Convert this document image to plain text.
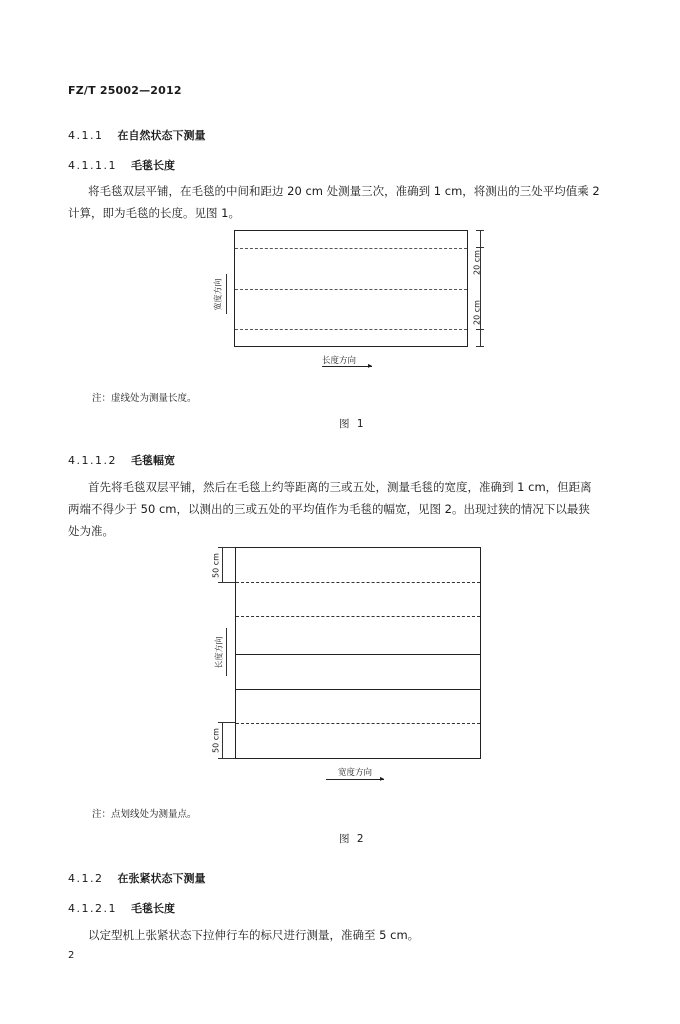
FZ/T 25002—2012
4.1.1 在自然状态下测量
4.1.1.1 毛毯长度
将毛毯双层平铺，在毛毯的中间和距边 20 cm 处测量三次，准确到 1 cm，将测出的三处平均值乘 2
计算，即为毛毯的长度。见图 1。
20 cm
20 cm
宽度方向
长度方向 ▸
注：虚线处为测量长度。
图 1
4.1.1.2 毛毯幅宽
首先将毛毯双层平铺，然后在毛毯上约等距离的三或五处，测量毛毯的宽度，准确到 1 cm，但距离
两端不得少于 50 cm，以测出的三或五处的平均值作为毛毯的幅宽，见图 2。出现过狭的情况下以最狭
处为准。
50 cm
50 cm
长度方向
宽度方向
▸
注：点划线处为测量点。
图 2
4.1.2 在张紧状态下测量
4.1.2.1 毛毯长度
以定型机上张紧状态下拉伸行车的标尺进行测量，准确至 5 cm。
2
